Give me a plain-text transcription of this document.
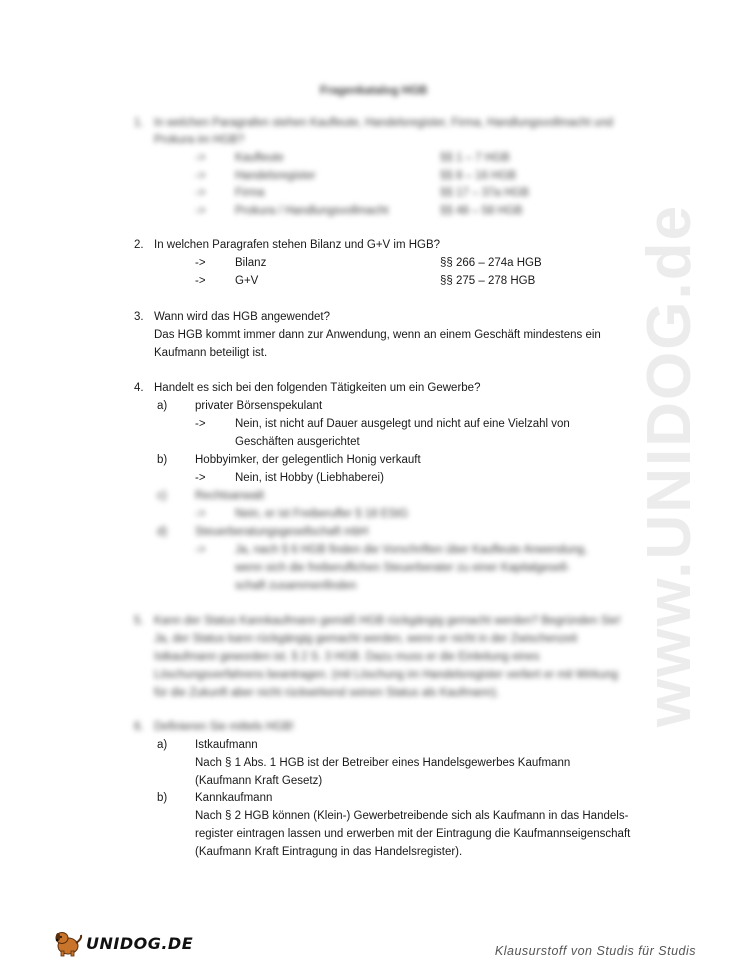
www.UNIDOG.de
Fragenkatalog HGB
1. In welchen Paragrafen stehen Kaufleute, Handelsregister, Firma, Handlungsvollmacht und
Prokura im HGB?
->	Kaufleute	§§ 1 – 7 HGB
->	Handelsregister	§§ 8 – 16 HGB
->	Firma	§§ 17 – 37a HGB
->	Prokura / Handlungsvollmacht	§§ 48 – 58 HGB
2. In welchen Paragrafen stehen Bilanz und G+V im HGB?
->	Bilanz	§§ 266 – 274a HGB
->	G+V	§§ 275 – 278 HGB
3. Wann wird das HGB angewendet?
Das HGB kommt immer dann zur Anwendung, wenn an einem Geschäft mindestens ein
Kaufmann beteiligt ist.
4. Handelt es sich bei den folgenden Tätigkeiten um ein Gewerbe?
a) privater Börsenspekulant
->	Nein, ist nicht auf Dauer ausgelegt und nicht auf eine Vielzahl von
Geschäften ausgerichtet
b) Hobbyimker, der gelegentlich Honig verkauft
->	Nein, ist Hobby (Liebhaberei)
c) Rechtsanwalt
->	Nein, er ist Freiberufler § 18 EStG
d) Steuerberatungsgesellschaft mbH
->	Ja, nach § 6 HGB finden die Vorschriften über Kaufleute Anwendung,
wenn sich die freiberuflichen Steuerberater zu einer Kapitalgesell-
schaft zusammenfinden
5. Kann der Status Kannkaufmann gemäß HGB rückgängig gemacht werden? Begründen Sie!
Ja, der Status kann rückgängig gemacht werden, wenn er nicht in der Zwischenzeit
Istkaufmann geworden ist. § 2 S. 3 HGB. Dazu muss er die Einleitung eines
Löschungsverfahrens beantragen. (mit Löschung im Handelsregister verliert er mit Wirkung
für die Zukunft aber nicht rückwirkend seinen Status als Kaufmann).
6. Definieren Sie mittels HGB!
a) Istkaufmann
Nach § 1 Abs. 1 HGB ist der Betreiber eines Handelsgewerbes Kaufmann
(Kaufmann Kraft Gesetz)
b) Kannkaufmann
Nach § 2 HGB können (Klein-) Gewerbetreibende sich als Kaufmann in das Handels-
register eintragen lassen und erwerben mit der Eintragung die Kaufmannseigenschaft
(Kaufmann Kraft Eintragung in das Handelsregister).
UNIDOG.DE	Klausurstoff von Studis für Studis
